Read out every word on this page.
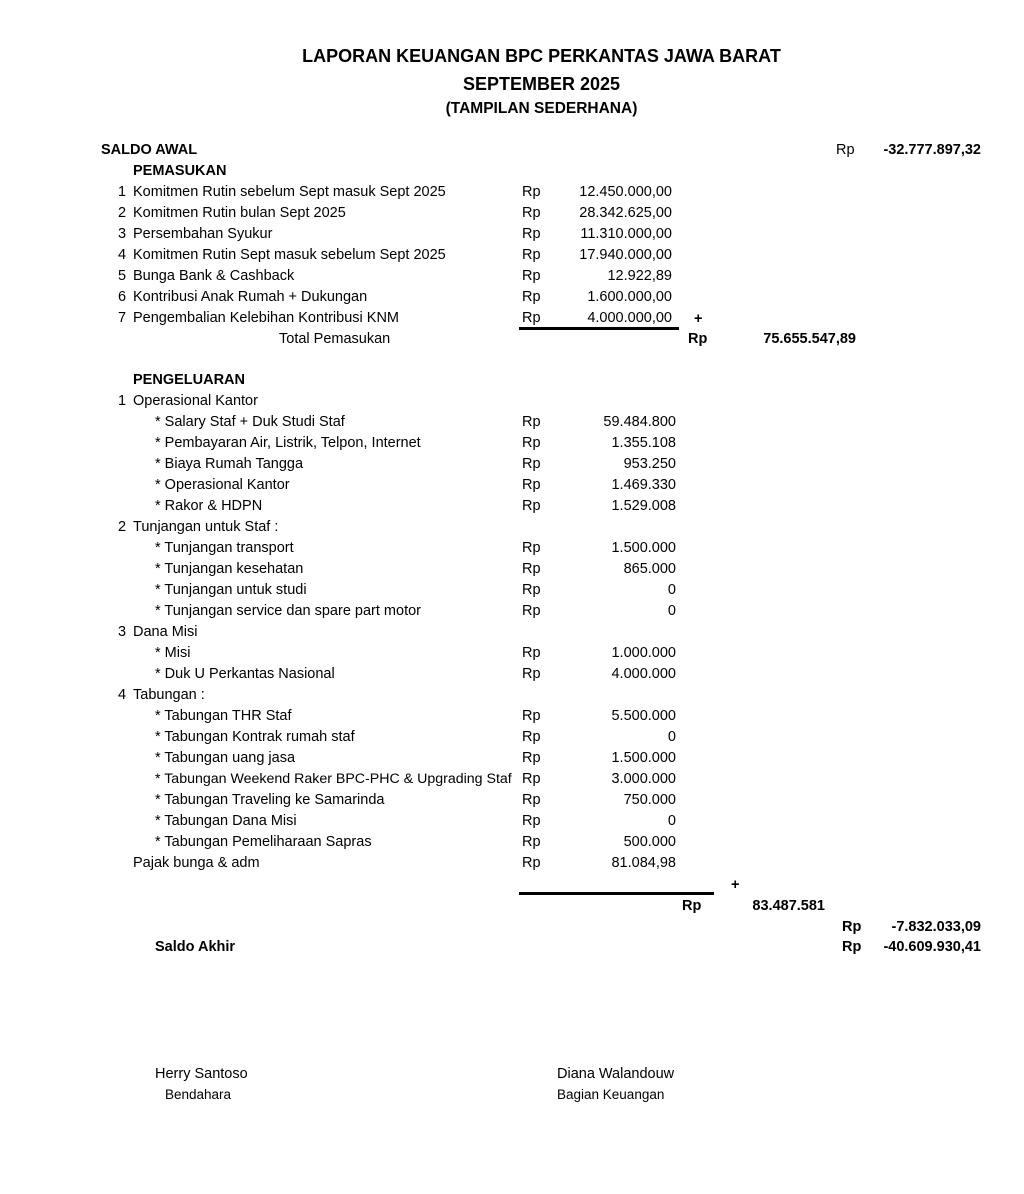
LAPORAN KEUANGAN BPC PERKANTAS JAWA BARAT
SEPTEMBER 2025
(TAMPILAN SEDERHANA)
SALDO AWAL	Rp -32.777.897,32
PEMASUKAN
1 Komitmen Rutin sebelum Sept masuk Sept 2025	Rp	12.450.000,00
2 Komitmen Rutin bulan Sept 2025	Rp	28.342.625,00
3 Persembahan Syukur	Rp	11.310.000,00
4 Komitmen Rutin Sept masuk sebelum Sept 2025	Rp	17.940.000,00
5 Bunga Bank & Cashback	Rp	12.922,89
6 Kontribusi Anak Rumah + Dukungan	Rp	1.600.000,00
7 Pengembalian Kelebihan Kontribusi KNM	Rp	4.000.000,00 +
Total Pemasukan	Rp	75.655.547,89
PENGELUARAN
1 Operasional Kantor
* Salary Staf + Duk Studi Staf	Rp	59.484.800
* Pembayaran Air, Listrik, Telpon, Internet	Rp	1.355.108
* Biaya Rumah Tangga	Rp	953.250
* Operasional Kantor	Rp	1.469.330
* Rakor & HDPN	Rp	1.529.008
2 Tunjangan untuk Staf :
* Tunjangan transport	Rp	1.500.000
* Tunjangan kesehatan	Rp	865.000
* Tunjangan untuk studi	Rp	0
* Tunjangan service dan spare part motor	Rp	0
3 Dana Misi
* Misi	Rp	1.000.000
* Duk U Perkantas Nasional	Rp	4.000.000
4 Tabungan :
* Tabungan THR Staf	Rp	5.500.000
* Tabungan Kontrak rumah staf	Rp	0
* Tabungan uang jasa	Rp	1.500.000
* Tabungan Weekend Raker BPC-PHC & Upgrading Staf Rp	3.000.000
* Tabungan Traveling ke Samarinda	Rp	750.000
* Tabungan Dana Misi	Rp	0
* Tabungan Pemeliharaan Sapras	Rp	500.000
Pajak bunga & adm	Rp	81.084,98
+
Rp	83.487.581
Rp -7.832.033,09
Saldo Akhir	Rp -40.609.930,41
Herry Santoso
Bendahara
Diana Walandouw
Bagian Keuangan
